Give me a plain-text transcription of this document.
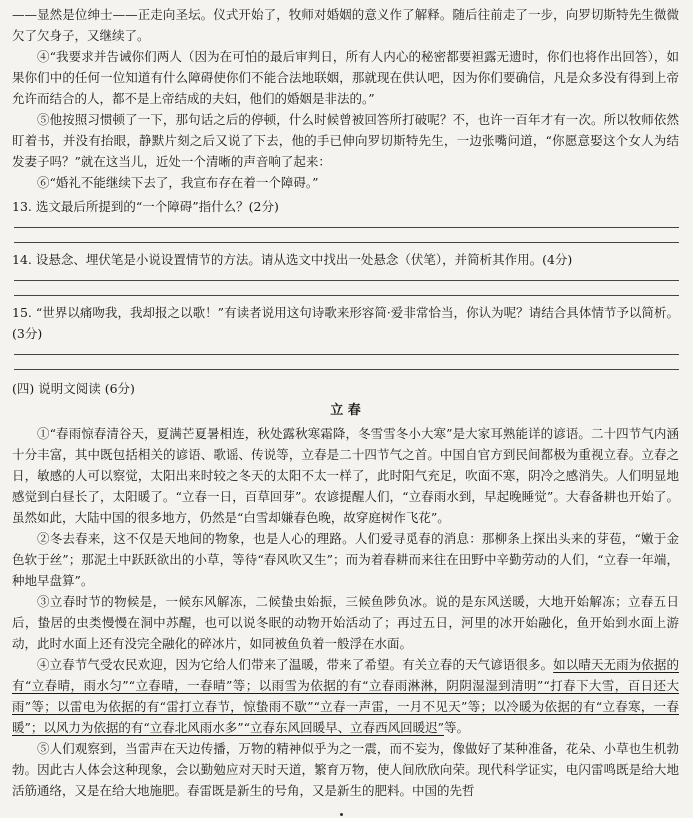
——显然是位绅士——正走向圣坛。仪式开始了，牧师对婚姻的意义作了解释。随后往前走了一步，向罗切斯特先生微微欠了欠身子，又继续了。

④“我要求并告诫你们两人（因为在可怕的最后审判日，所有人内心的秘密都要袒露无遗时，你们也将作出回答），如果你们中的任何一位知道有什么障碍使你们不能合法地联姻，那就现在供认吧，因为你们要确信，凡是众多没有得到上帝允许而结合的人，都不是上帝结成的夫妇，他们的婚姻是非法的。”

⑤他按照习惯顿了一下，那句话之后的停顿，什么时候曾被回答所打破呢？不，也许一百年才有一次。所以牧师依然盯着书，并没有抬眼，静默片刻之后又说了下去，他的手已伸向罗切斯特先生，一边张嘴问道，“你愿意娶这个女人为结发妻子吗？”就在这当儿，近处一个清晰的声音响了起来：

⑥“婚礼不能继续下去了，我宣布存在着一个障碍。”

13. 选文最后所提到的“一个障碍”指什么？(2分)

14. 设悬念、埋伏笔是小说设置情节的方法。请从选文中找出一处悬念（伏笔），并简析其作用。(4分)

15. “世界以痛吻我，我却报之以歌！”有读者说用这句诗歌来形容简·爱非常恰当，你认为呢？请结合具体情节予以简析。(3分)

(四) 说明文阅读 (6分)

立 春

①“春雨惊春清谷天，夏满芒夏暑相连，秋处露秋寒霜降，冬雪雪冬小大寒”是大家耳熟能详的谚语。二十四节气内涵十分丰富，其中既包括相关的谚语、歌谣、传说等，立春是二十四节气之首。中国自官方到民间都极为重视立春。立春之日，敏感的人可以察觉，太阳出来时较之冬天的太阳不太一样了，此时阳气充足，吹面不寒，阴冷之感消失。人们明显地感觉到白昼长了，太阳暖了。“立春一日，百草回芽”。农谚提醒人们，“立春雨水到，早起晚睡觉”。大春备耕也开始了。虽然如此，大陆中国的很多地方，仍然是“白雪却嫌春色晚，故穿庭树作飞花”。

②冬去春来，这不仅是天地间的物象，也是人心的理路。人们爱寻觅春的消息：那柳条上探出头来的芽苞，“嫩于金色软于丝”；那泥土中跃跃欲出的小草，等待“春风吹又生”；而为着春耕而来往在田野中辛勤劳动的人们，“立春一年端，种地早盘算”。

③立春时节的物候是，一候东风解冻，二候蛰虫始振，三候鱼陟负冰。说的是东风送暖，大地开始解冻；立春五日后，蛰居的虫类慢慢在洞中苏醒，也可以说冬眠的动物开始活动了；再过五日，河里的冰开始融化，鱼开始到水面上游动，此时水面上还有没完全融化的碎冰片，如同被鱼负着一般浮在水面。

④立春节气受农民欢迎，因为它给人们带来了温暖，带来了希望。有关立春的天气谚语很多。如以晴天无雨为依据的有“立春晴，雨水匀”“立春晴，一春晴”等；以雨雪为依据的有“立春雨淋淋，阴阴湿湿到清明”“打春下大雪，百日还大雨”等；以雷电为依据的有“雷打立春节，惊蛰雨不歇”“立春一声雷，一月不见天”等；以冷暖为依据的有“立春寒，一春暖”；以风力为依据的有“立春北风雨水多”“立春东风回暖早、立春西风回暖迟”等。

⑤人们观察到，当雷声在天边传播，万物的精神似乎为之一震，而不妄为，像做好了某种准备，花朵、小草也生机勃勃。因此古人体会这种现象，会以勤勉应对天时天道，繁育万物，使人间欣欣向荣。现代科学证实，电闪雷鸣既是给大地活筋通络，又是在给大地施肥。春雷既是新生的号角，又是新生的肥料。中国的先哲
